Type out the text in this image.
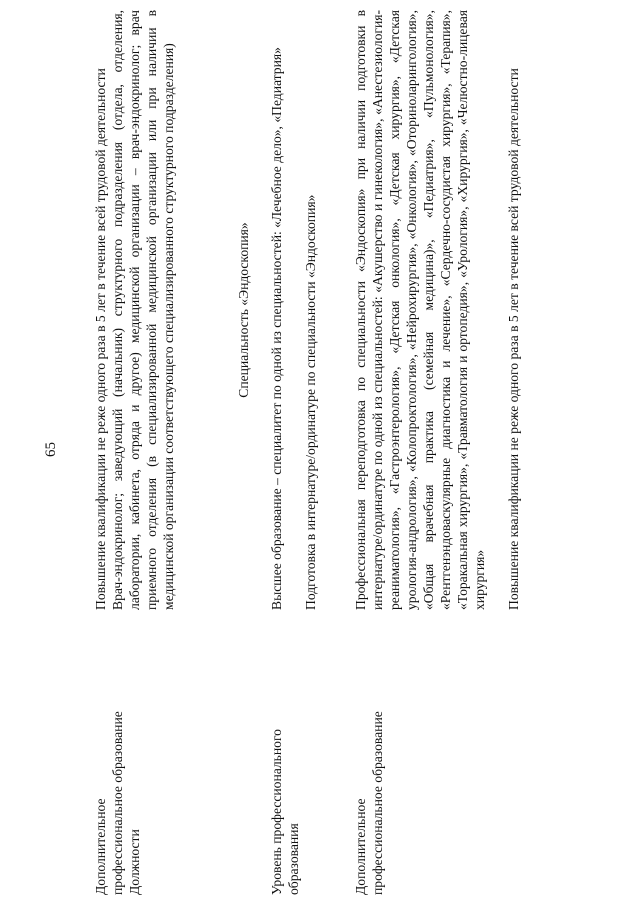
65

Дополнительное профессиональное образование Должности

Повышение квалификации не реже одного раза в 5 лет в течение всей трудовой деятельности Врач-эндокринолог; заведующий (начальник) структурного подразделения (отдела, отделения, лаборатории, кабинета, отряда и другое) медицинской организации – врач-эндокринолог; врач приемного отделения (в специализированной медицинской организации или при наличии в медицинской организации соответствующего специализированного структурного подразделения)	Специальность «Эндоскопия»

Уровень профессионального образования

Высшее образование – специалитет по одной из специальностей: «Лечебное дело», «Педиатрия» Подготовка в интернатуре/ординатуре по специальности «Эндоскопия»

Дополнительное профессиональное образование

Профессиональная переподготовка по специальности «Эндоскопия» при наличии подготовки в интернатуре/ординатуре по одной из специальностей: «Акушерство и гинекология», «Анестезиология-реаниматология», «Гастроэнтерология», «Детская онкология», «Детская хирургия», «Детская урология-андрология», «Колопроктология», «Нейрохирургия», «Онкология», «Оториноларингология», «Общая врачебная практика (семейная медицина)», «Педиатрия», «Пульмонология», «Рентгенэндоваскулярные диагностика и лечение», «Сердечно-сосудистая хирургия», «Терапия», «Торакальная хирургия», «Травматология и ортопедия», «Урология», «Хирургия», «Челюстно-лицевая хирургия» Повышение квалификации не реже одного раза в 5 лет в течение всей трудовой деятельности
